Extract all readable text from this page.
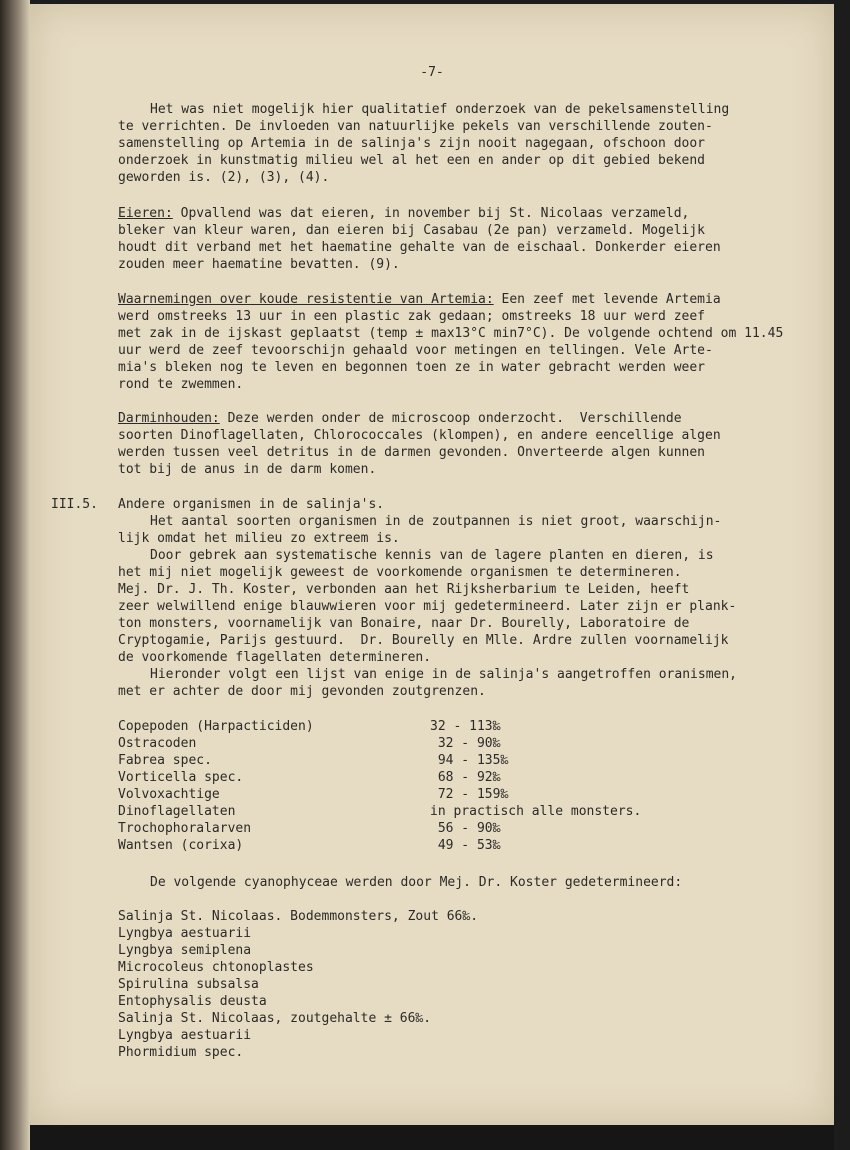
-7-
Het was niet mogelijk hier qualitatief onderzoek van de pekelsamenstelling
te verrichten. De invloeden van natuurlijke pekels van verschillende zouten-
samenstelling op Artemia in de salinja's zijn nooit nagegaan, ofschoon door
onderzoek in kunstmatig milieu wel al het een en ander op dit gebied bekend
geworden is. (2), (3), (4).
Eieren: Opvallend was dat eieren, in november bij St. Nicolaas verzameld,
bleker van kleur waren, dan eieren bij Casabau (2e pan) verzameld. Mogelijk
houdt dit verband met het haematine gehalte van de eischaal. Donkerder eieren
zouden meer haematine bevatten. (9).
Waarnemingen over koude resistentie van Artemia: Een zeef met levende Artemia
werd omstreeks 13 uur in een plastic zak gedaan; omstreeks 18 uur werd zeef
met zak in de ijskast geplaatst (temp ± max13°C min7°C). De volgende ochtend om 11.45
uur werd de zeef tevoorschijn gehaald voor metingen en tellingen. Vele Arte-
mia's bleken nog te leven en begonnen toen ze in water gebracht werden weer
rond te zwemmen.
Darminhouden: Deze werden onder de microscoop onderzocht.  Verschillende
soorten Dinoflagellaten, Chlorococcales (klompen), en andere eencellige algen
werden tussen veel detritus in de darmen gevonden. Onverteerde algen kunnen
tot bij de anus in de darm komen.
III.5. Andere organismen in de salinja's.
Het aantal soorten organismen in de zoutpannen is niet groot, waarschijn-
lijk omdat het milieu zo extreem is.
Door gebrek aan systematische kennis van de lagere planten en dieren, is
het mij niet mogelijk geweest de voorkomende organismen te determineren.
Mej. Dr. J. Th. Koster, verbonden aan het Rijksherbarium te Leiden, heeft
zeer welwillend enige blauwwieren voor mij gedetermineerd. Later zijn er plank-
ton monsters, voornamelijk van Bonaire, naar Dr. Bourelly, Laboratoire de
Cryptogamie, Parijs gestuurd.  Dr. Bourelly en Mlle. Ardre zullen voornamelijk
de voorkomende flagellaten determineren.
Hieronder volgt een lijst van enige in de salinja's aangetroffen oranismen,
met er achter de door mij gevonden zoutgrenzen.
Copepoden (Harpacticiden)	32 - 113‰
Ostracoden	32 - 90‰
Fabrea spec.	94 - 135‰
Vorticella spec.	68 - 92‰
Volvoxachtige	72 - 159‰
Dinoflagellaten	in practisch alle monsters.
Trochophoralarven	56 - 90‰
Wantsen (corixa)	49 - 53‰
De volgende cyanophyceae werden door Mej. Dr. Koster gedetermineerd:
Salinja St. Nicolaas. Bodemmonsters, Zout 66‰.
Lyngbya aestuarii
Lyngbya semiplena
Microcoleus chtonoplastes
Spirulina subsalsa
Entophysalis deusta
Salinja St. Nicolaas, zoutgehalte ± 66‰.
Lyngbya aestuarii
Phormidium spec.
